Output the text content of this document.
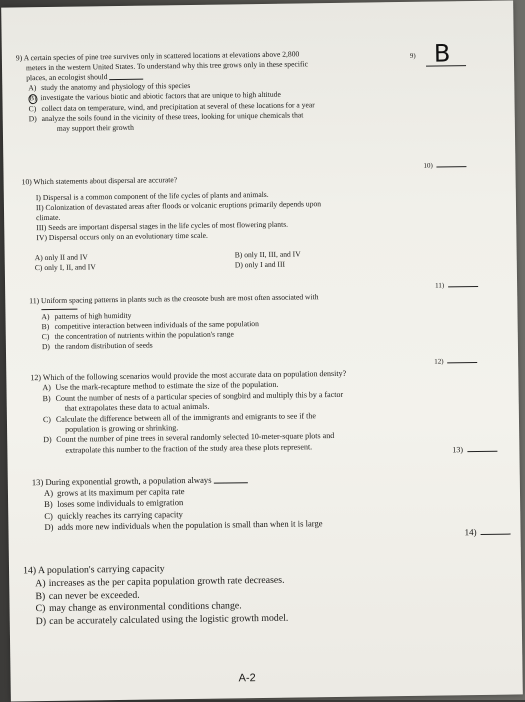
9) A certain species of pine tree survives only in scattered locations at elevations above 2,800
meters in the western United States. To understand why this tree grows only in these specific
places, an ecologist should
A) study the anatomy and physiology of this species
B) investigate the various biotic and abiotic factors that are unique to high altitude
C) collect data on temperature, wind, and precipitation at several of these locations for a year
D) analyze the soils found in the vicinity of these trees, looking for unique chemicals that
may support their growth
9) B
10) Which statements about dispersal are accurate?
I) Dispersal is a common component of the life cycles of plants and animals.
II) Colonization of devastated areas after floods or volcanic eruptions primarily depends upon
climate.
III) Seeds are important dispersal stages in the life cycles of most flowering plants.
IV) Dispersal occurs only on an evolutionary time scale.
A) only II and IV	B) only II, III, and IV
C) only I, II, and IV	D) only I and III
10)
11) Uniform spacing patterns in plants such as the creosote bush are most often associated with
A) patterns of high humidity
B) competitive interaction between individuals of the same population
C) the concentration of nutrients within the population's range
D) the random distribution of seeds
11)
12) Which of the following scenarios would provide the most accurate data on population density?
A) Use the mark-recapture method to estimate the size of the population.
B) Count the number of nests of a particular species of songbird and multiply this by a factor
that extrapolates these data to actual animals.
C) Calculate the difference between all of the immigrants and emigrants to see if the
population is growing or shrinking.
D) Count the number of pine trees in several randomly selected 10-meter-square plots and
extrapolate this number to the fraction of the study area these plots represent.
12)
13) During exponential growth, a population always
A) grows at its maximum per capita rate
B) loses some individuals to emigration
C) quickly reaches its carrying capacity
D) adds more new individuals when the population is small than when it is large
13)
14) A population's carrying capacity
A) increases as the per capita population growth rate decreases.
B) can never be exceeded.
C) may change as environmental conditions change.
D) can be accurately calculated using the logistic growth model.
14)
A-2
